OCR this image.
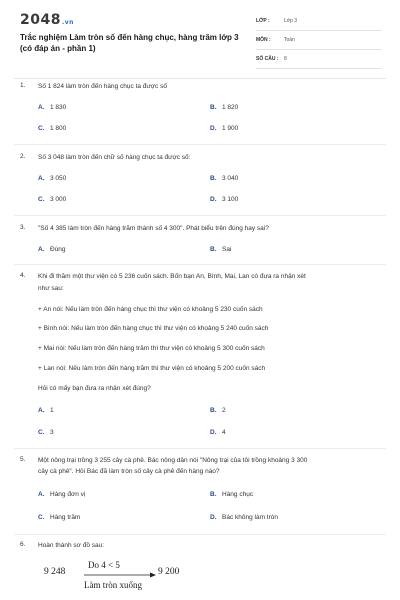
2048.vn
Trắc nghiệm Làm tròn số đến hàng chục, hàng trăm lớp 3 (có đáp án - phần 1)
LỚP :	Lớp 3
MÔN :	Toán
SỐ CÂU : 8
1. Số 1 824 làm tròn đến hàng chục ta được số
A. 1 830	B. 1 820
C. 1 800	D. 1 900
2. Số 3 048 làm tròn đến chữ số hàng chục ta được số:
A. 3 050	B. 3 040
C. 3 000	D. 3 100
3. "Số 4 385 làm tròn đến hàng trăm thành số 4 300". Phát biểu trên đúng hay sai?
A. Đúng	B. Sai
4. Khi đi thăm một thư viện có 5 236 cuốn sách. Bốn bạn An, Bình, Mai, Lan có đưa ra nhận xét
như sau:
+ An nói: Nếu làm tròn đến hàng chục thì thư viện có khoảng 5 230 cuốn sách
+ Bình nói: Nếu làm tròn đến hàng chục thì thư viện có khoảng 5 240 cuốn sách
+ Mai nói: Nếu làm tròn đến hàng trăm thì thư viện có khoảng 5 300 cuốn sách
+ Lan nói: Nếu làm tròn đến hàng trăm thì thư viện có khoảng 5 200 cuốn sách
Hỏi có mấy bạn đưa ra nhận xét đúng?
A. 1	B. 2
C. 3	D. 4
5. Một nông trại trồng 3 255 cây cà phê. Bác nông dân nói "Nông trại của tôi trồng khoảng 3 300
cây cà phê". Hỏi Bác đã làm tròn số cây cà phê đến hàng nào?
A. Hàng đơn vị	B. Hàng chục
C. Hàng trăm	D. Bác không làm tròn
6. Hoàn thành sơ đồ sau:
9 248
Do 4 < 5
Làm tròn xuống
9 200
